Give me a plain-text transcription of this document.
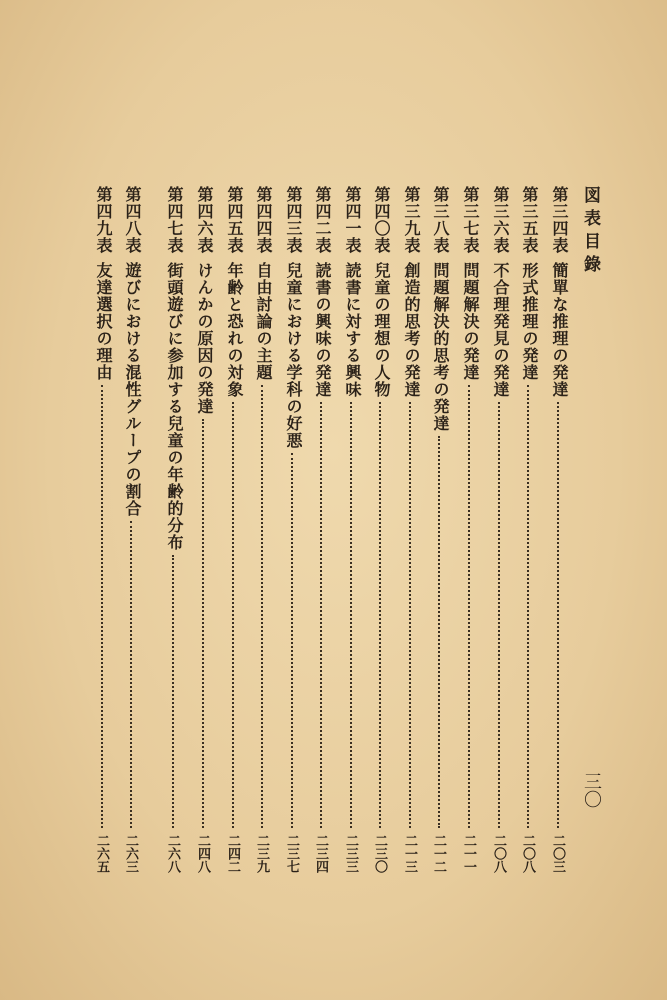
図表目錄
三〇
第三四表
簡單な推理の発達
二〇三
第三五表
形式推理の発達
二〇八
第三六表
不合理発見の発達
二〇八
第三七表
問題解決の発達
二一一
第三八表
問題解決的思考の発達
二一二
第三九表
創造的思考の発達
二一三
第四〇表
兒童の理想の人物
二三〇
第四一表
読書に対する興味
二三三
第四二表
読書の興味の発達
二三四
第四三表
兒童における学科の好悪
二三七
第四四表
自由討論の主題
二三九
第四五表
年齢と恐れの対象
二四二
第四六表
けんかの原因の発達
二四八
第四七表
街頭遊びに参加する兒童の年齢的分布
二六八
第四八表
遊びにおける混性グループの割合
二六三
第四九表
友達選択の理由
二六五
